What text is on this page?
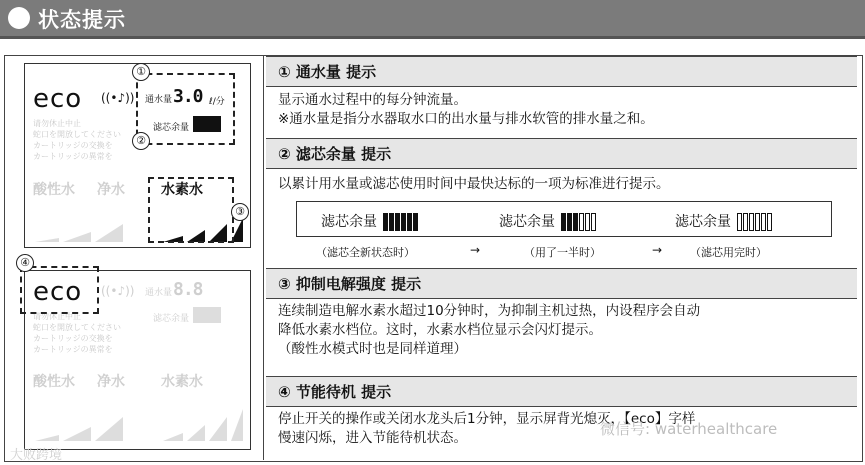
状态提示
eco ((•♪)) 通水量 3.0 ℓ/分
滤芯余量
请勿休止中止
蛇口を開放してください
カートリッジの交換を
カートリッジの異常を
酸性水 净水	水素水
①
②
③
eco ((•♪)) 通水量 8.8
滤芯余量
请勿休止中止
蛇口を開放してください
カートリッジの交換を
カートリッジの異常を
酸性水 净水	水素水
④
① 通水量 提示
显示通水过程中的每分钟流量。
※通水量是指分水器取水口的出水量与排水软管的排水量之和。
② 滤芯余量 提示
以累计用水量或滤芯使用时间中最快达标的一项为标准进行提示。
滤芯余量	滤芯余量	滤芯余量
（滤芯全新状态时）	→	（用了一半时）	→	（滤芯用完时）
③ 抑制电解强度 提示
连续制造电解水素水超过10分钟时，为抑制主机过热，内设程序会自动
降低水素水档位。这时，水素水档位显示会闪灯提示。
（酸性水模式时也是同样道理）
④ 节能待机 提示
停止开关的操作或关闭水龙头后1分钟，显示屏背光熄灭，【eco】字样
慢速闪烁，进入节能待机状态。
大败跨境
微信号: waterhealthcare
